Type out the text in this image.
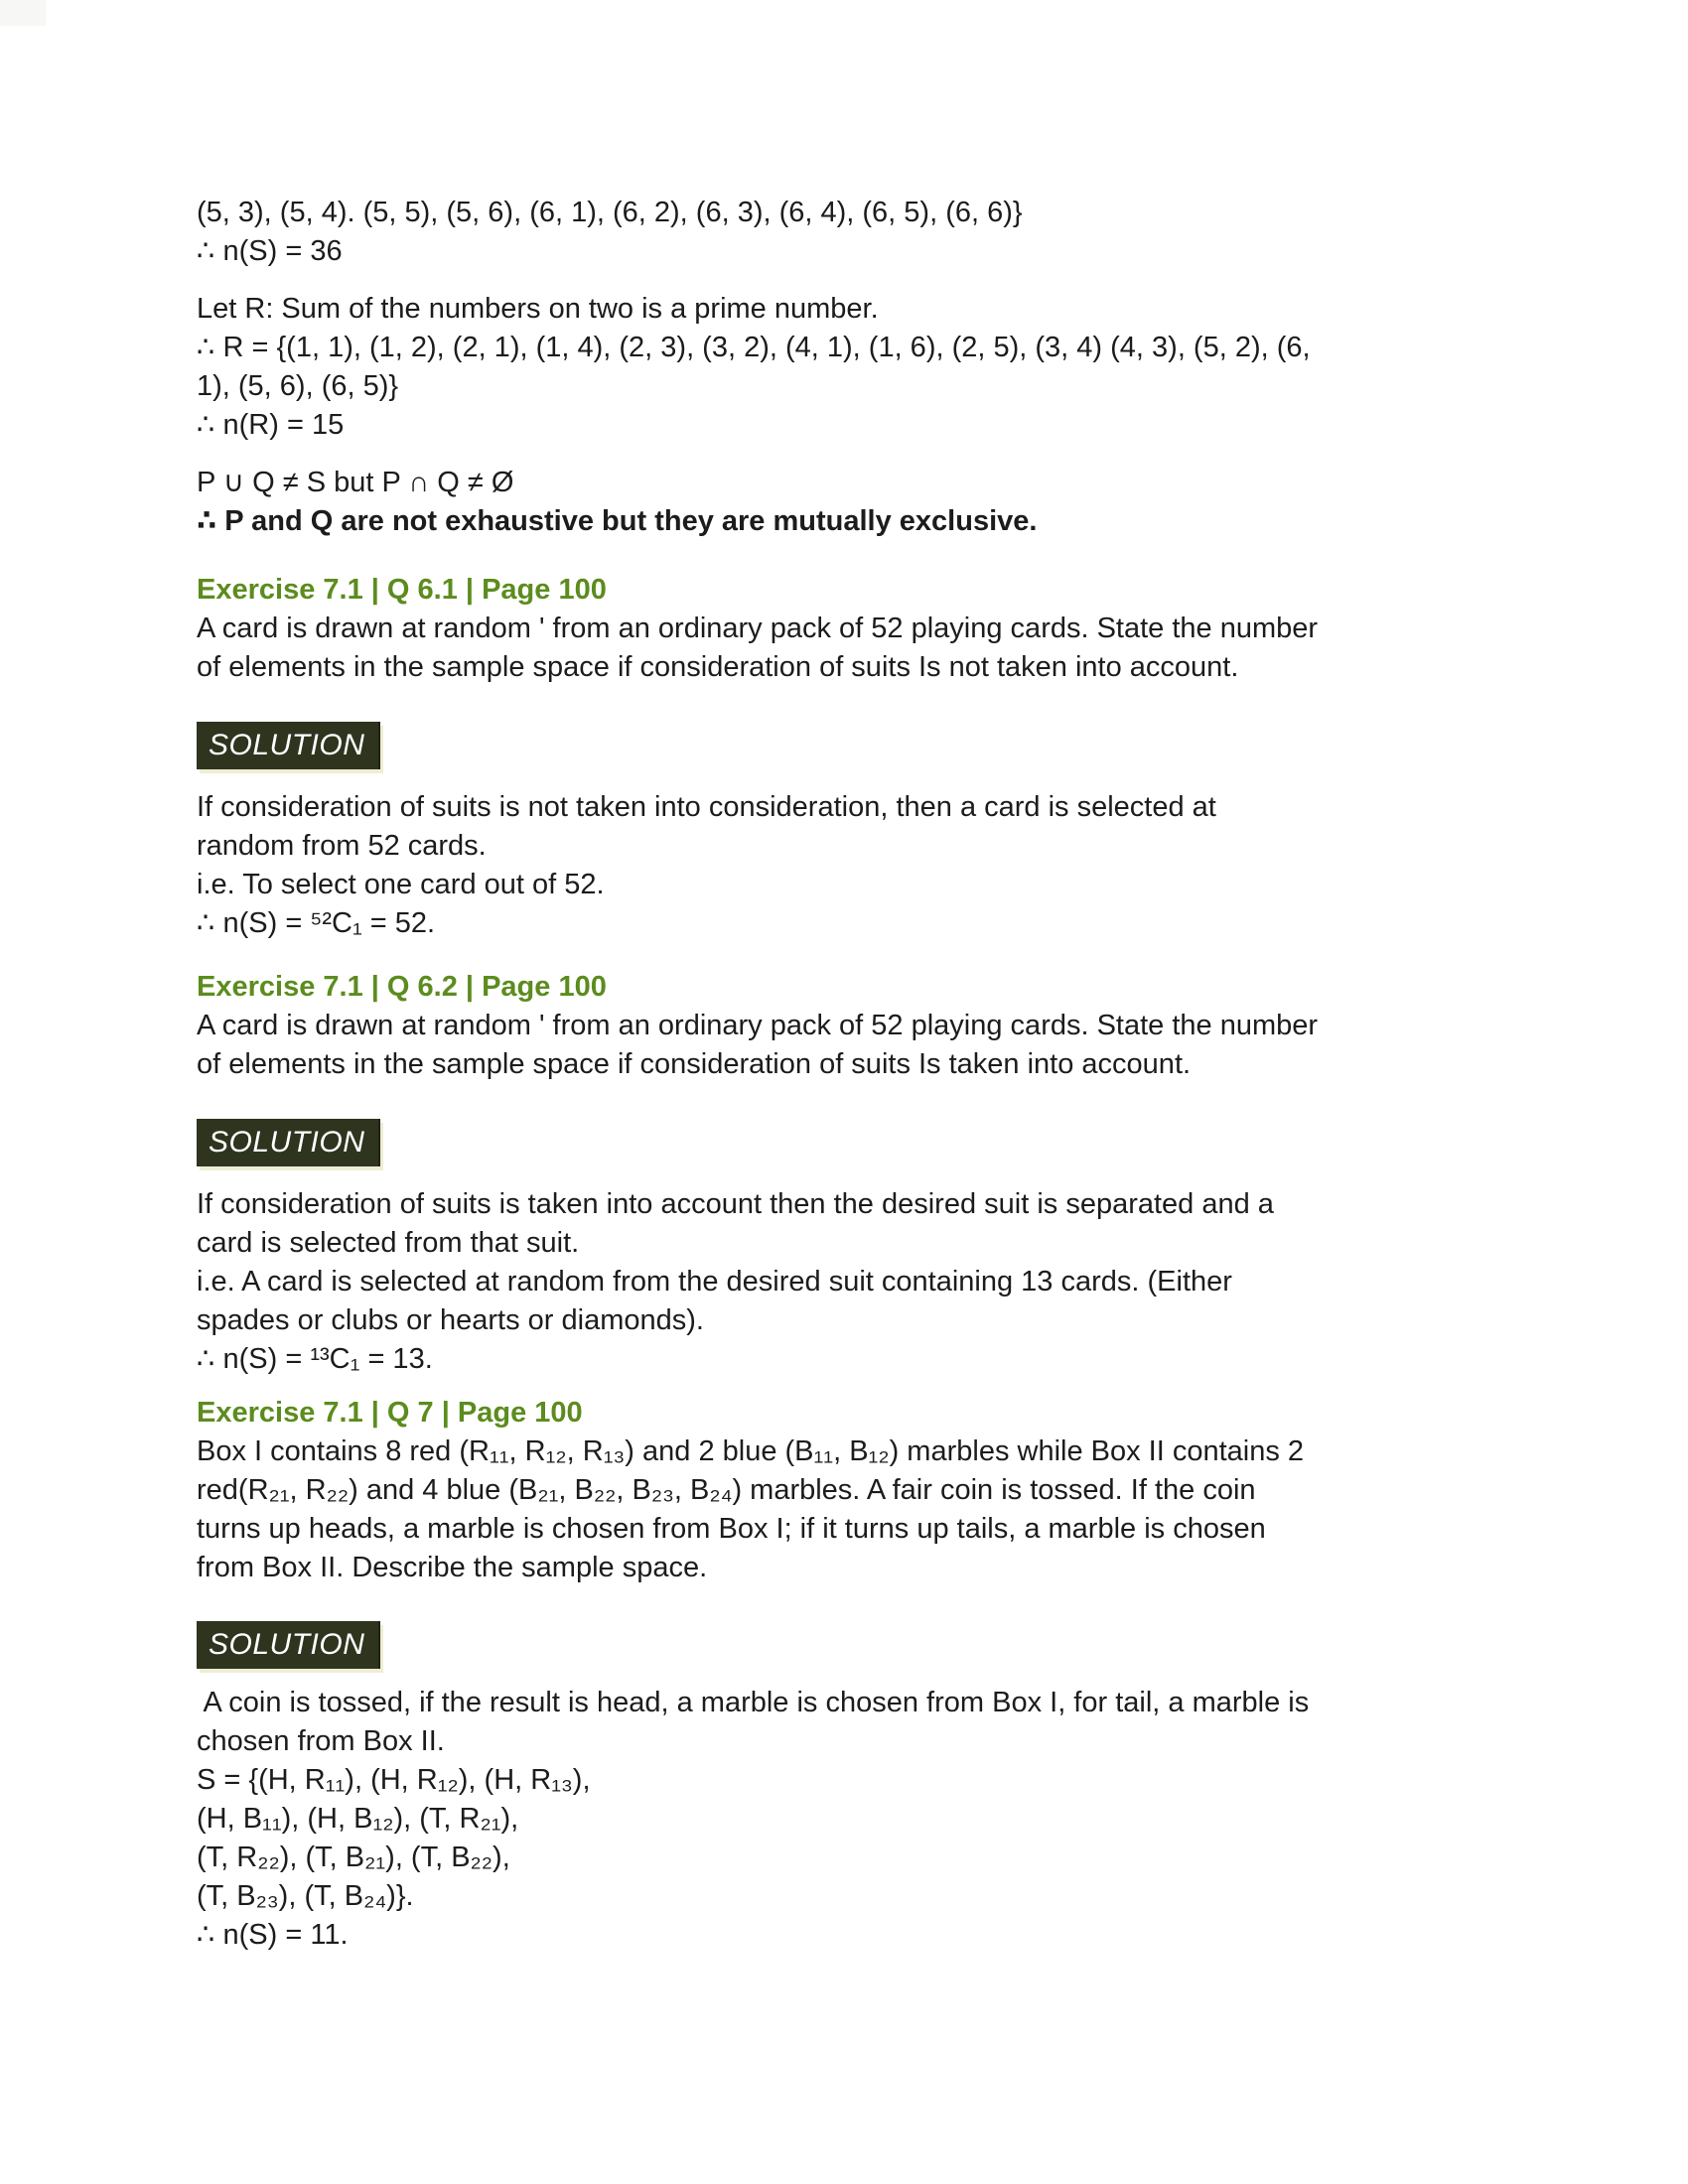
(5, 3), (5, 4). (5, 5), (5, 6), (6, 1), (6, 2), (6, 3), (6, 4), (6, 5), (6, 6)}
∴ n(S) = 36
Let R: Sum of the numbers on two is a prime number.
∴ R = {(1, 1), (1, 2), (2, 1), (1, 4), (2, 3), (3, 2), (4, 1), (1, 6), (2, 5), (3, 4) (4, 3), (5, 2), (6,
1), (5, 6), (6, 5)}
∴ n(R) = 15
P ∪ Q ≠ S but P ∩ Q ≠ Ø
∴ P and Q are not exhaustive but they are mutually exclusive.
Exercise 7.1 | Q 6.1 | Page 100
A card is drawn at random ' from an ordinary pack of 52 playing cards. State the number
of elements in the sample space if consideration of suits Is not taken into account.
SOLUTION
If consideration of suits is not taken into consideration, then a card is selected at
random from 52 cards.
i.e. To select one card out of 52.
∴ n(S) = ⁵²C₁ = 52.
Exercise 7.1 | Q 6.2 | Page 100
A card is drawn at random ' from an ordinary pack of 52 playing cards. State the number
of elements in the sample space if consideration of suits Is taken into account.
SOLUTION
If consideration of suits is taken into account then the desired suit is separated and a
card is selected from that suit.
i.e. A card is selected at random from the desired suit containing 13 cards. (Either
spades or clubs or hearts or diamonds).
∴ n(S) = ¹³C₁ = 13.
Exercise 7.1 | Q 7 | Page 100
Box I contains 8 red (R₁₁, R₁₂, R₁₃) and 2 blue (B₁₁, B₁₂) marbles while Box II contains 2
red(R₂₁, R₂₂) and 4 blue (B₂₁, B₂₂, B₂₃, B₂₄) marbles. A fair coin is tossed. If the coin
turns up heads, a marble is chosen from Box I; if it turns up tails, a marble is chosen
from Box II. Describe the sample space.
SOLUTION
A coin is tossed, if the result is head, a marble is chosen from Box I, for tail, a marble is
chosen from Box II.
S = {(H, R₁₁), (H, R₁₂), (H, R₁₃),
(H, B₁₁), (H, B₁₂), (T, R₂₁),
(T, R₂₂), (T, B₂₁), (T, B₂₂),
(T, B₂₃), (T, B₂₄)}.
∴ n(S) = 11.
